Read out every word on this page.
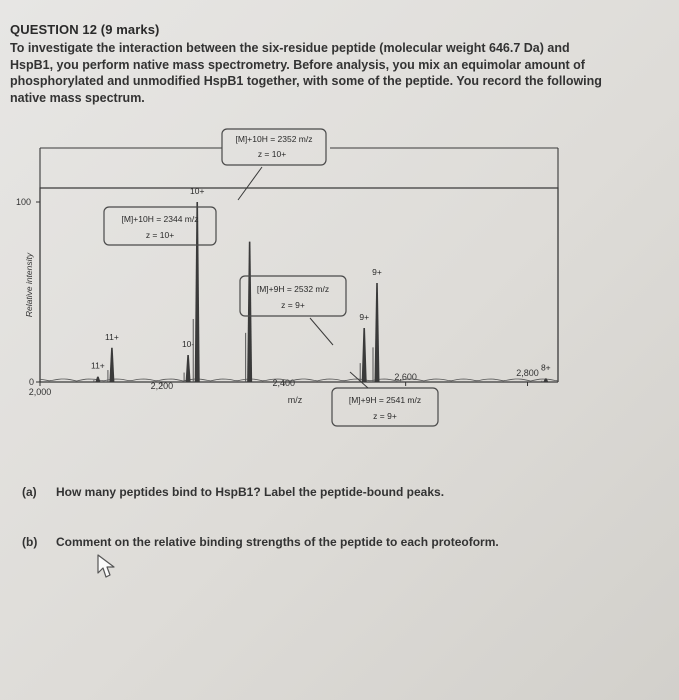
QUESTION 12 (9 marks)

To investigate the interaction between the six-residue peptide (molecular weight 646.7 Da) and

HspB1, you perform native mass spectrometry. Before analysis, you mix an equimolar amount of

phosphorylated and unmodified HspB1 together, with some of the peptide. You record the following

native mass spectrum.

Relative intensity
100
0
2,000
2,200	2,400
2,600	2,800
m/z
11+
11+
10-
10+
9+
9+
8+
[M]+10H = 2352 m/z
z = 10+
[M]+10H = 2344 m/z
z = 10+
[M]+9H = 2532 m/z
z = 9+
[M]+9H = 2541 m/z
z = 9+
(a) How many peptides bind to HspB1? Label the peptide-bound peaks.
(b) Comment on the relative binding strengths of the peptide to each proteoform.
